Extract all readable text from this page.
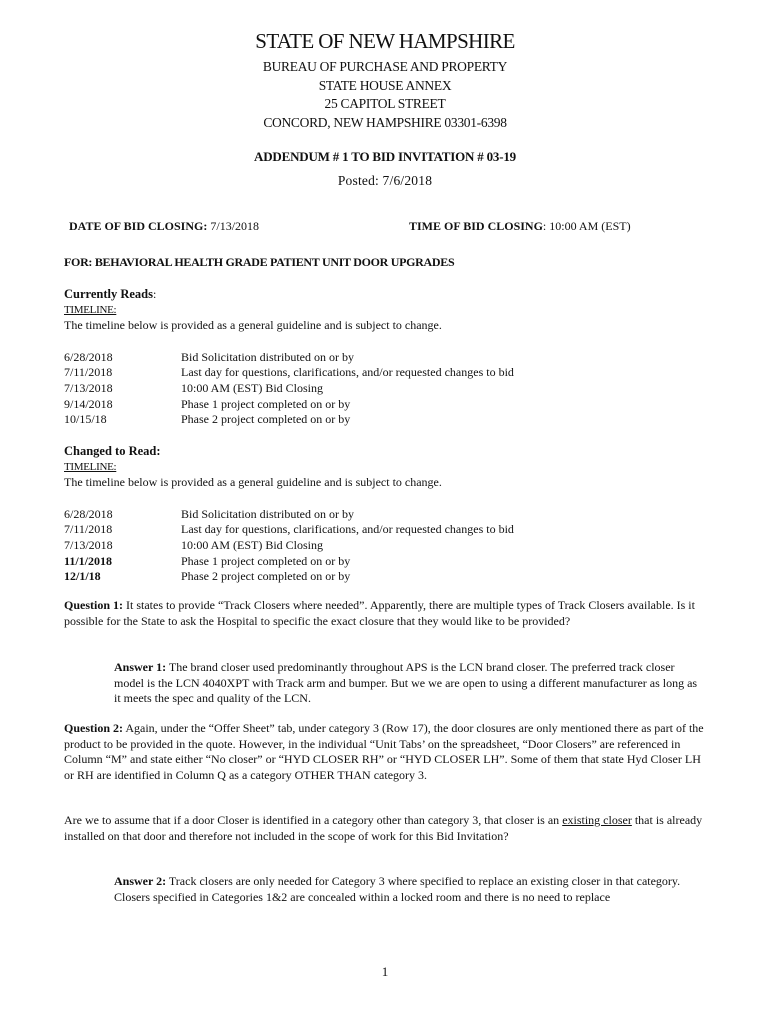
STATE OF NEW HAMPSHIRE
BUREAU OF PURCHASE AND PROPERTY
STATE HOUSE ANNEX
25 CAPITOL STREET
CONCORD, NEW HAMPSHIRE 03301-6398
ADDENDUM # 1 TO BID INVITATION # 03-19
Posted: 7/6/2018
DATE OF BID CLOSING: 7/13/2018	TIME OF BID CLOSING: 10:00 AM (EST)
FOR: BEHAVIORAL HEALTH GRADE PATIENT UNIT DOOR UPGRADES
Currently Reads:
TIMELINE:
The timeline below is provided as a general guideline and is subject to change.
6/28/2018	Bid Solicitation distributed on or by
7/11/2018	Last day for questions, clarifications, and/or requested changes to bid
7/13/2018	10:00 AM (EST) Bid Closing
9/14/2018	Phase 1 project completed on or by
10/15/18	Phase 2 project completed on or by
Changed to Read:
TIMELINE:
The timeline below is provided as a general guideline and is subject to change.
6/28/2018	Bid Solicitation distributed on or by
7/11/2018	Last day for questions, clarifications, and/or requested changes to bid
7/13/2018	10:00 AM (EST) Bid Closing
11/1/2018	Phase 1 project completed on or by
12/1/18	Phase 2 project completed on or by
Question 1: It states to provide “Track Closers where needed”. Apparently, there are multiple types of Track Closers available. Is it possible for the State to ask the Hospital to specific the exact closure that they would like to be provided?
Answer 1: The brand closer used predominantly throughout APS is the LCN brand closer. The preferred track closer model is the LCN 4040XPT with Track arm and bumper. But we we are open to using a different manufacturer as long as it meets the spec and quality of the LCN.
Question 2: Again, under the “Offer Sheet” tab, under category 3 (Row 17), the door closures are only mentioned there as part of the product to be provided in the quote. However, in the individual “Unit Tabs’ on the spreadsheet, “Door Closers” are referenced in Column “M” and state either “No closer” or “HYD CLOSER RH” or “HYD CLOSER LH”. Some of them that state Hyd Closer LH or RH are identified in Column Q as a category OTHER THAN category 3.
Are we to assume that if a door Closer is identified in a category other than category 3, that closer is an existing closer that is already installed on that door and therefore not included in the scope of work for this Bid Invitation?
Answer 2: Track closers are only needed for Category 3 where specified to replace an existing closer in that category. Closers specified in Categories 1&2 are concealed within a locked room and there is no need to replace
1
